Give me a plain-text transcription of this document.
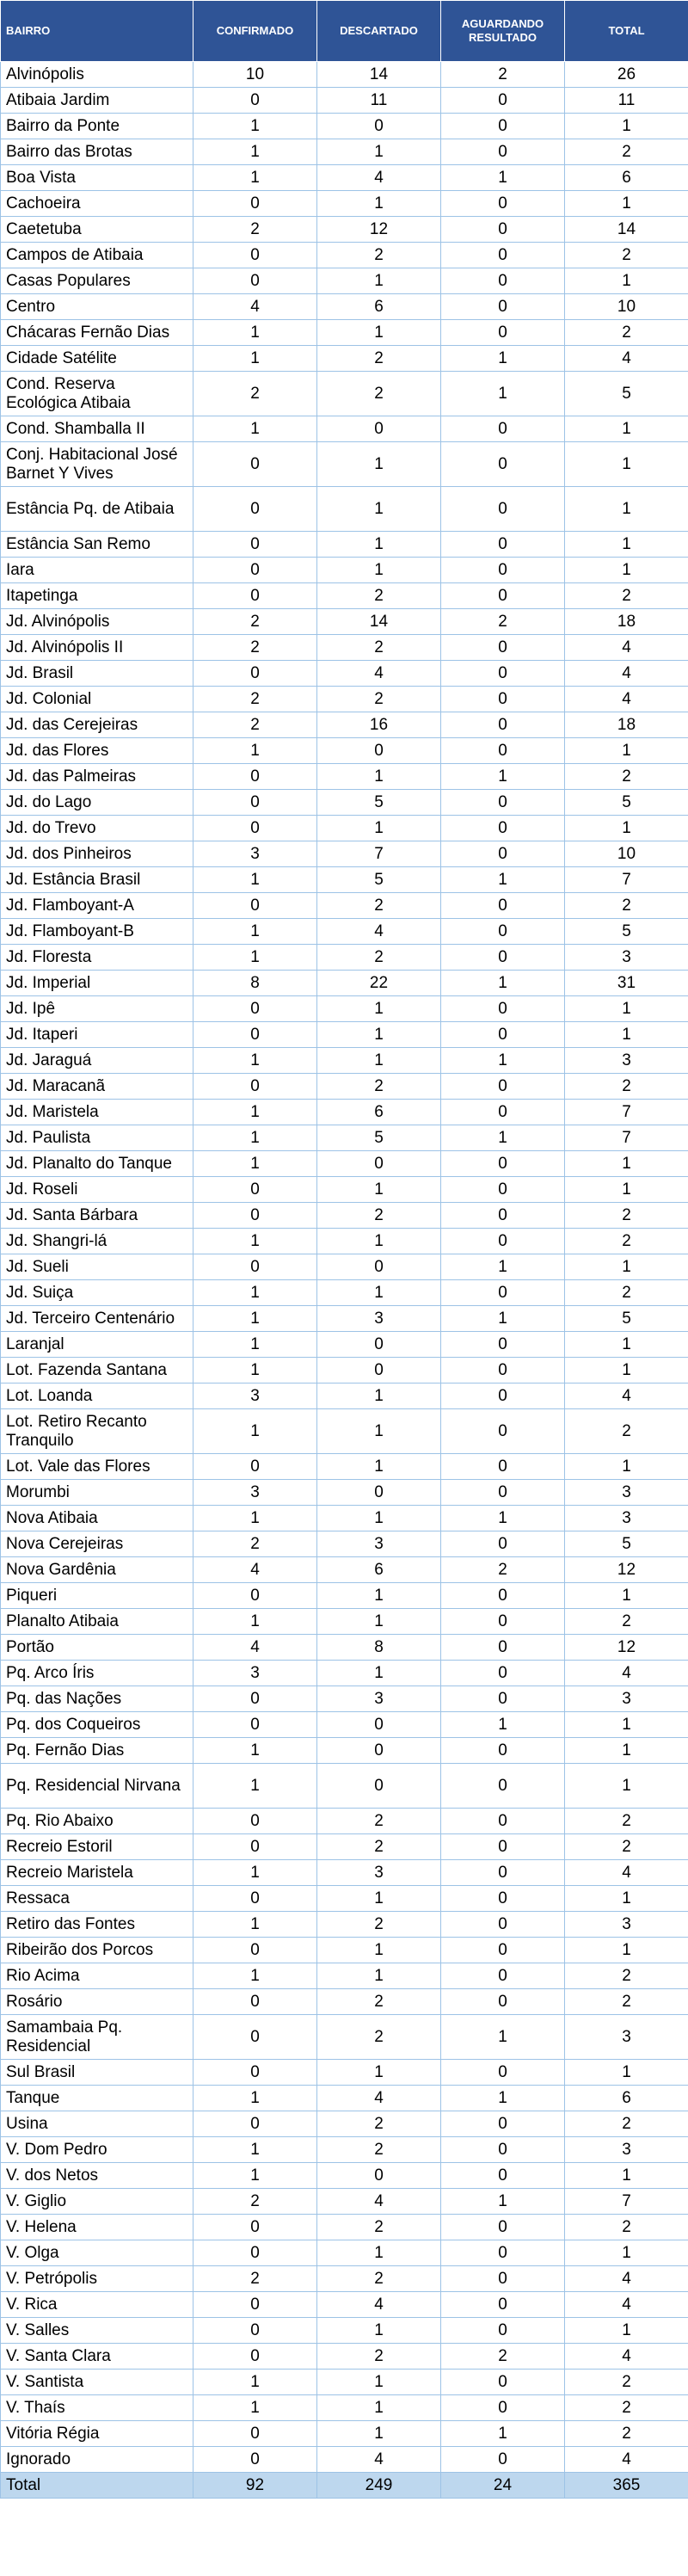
BAIRRO	CONFIRMADO	DESCARTADO	AGUARDANDO RESULTADO	TOTAL
Alvinópolis	10	14	2	26
Atibaia Jardim	0	11	0	11
Bairro da Ponte	1	0	0	1
Bairro das Brotas	1	1	0	2
Boa Vista	1	4	1	6
Cachoeira	0	1	0	1
Caetetuba	2	12	0	14
Campos de Atibaia	0	2	0	2
Casas Populares	0	1	0	1
Centro	4	6	0	10
Chácaras Fernão Dias	1	1	0	2
Cidade Satélite	1	2	1	4
Cond. Reserva Ecológica Atibaia	2	2	1	5
Cond. Shamballa II	1	0	0	1
Conj. Habitacional José Barnet Y Vives	0	1	0	1
Estância Pq. de Atibaia	0	1	0	1
Estância San Remo	0	1	0	1
Iara	0	1	0	1
Itapetinga	0	2	0	2
Jd. Alvinópolis	2	14	2	18
Jd. Alvinópolis II	2	2	0	4
Jd. Brasil	0	4	0	4
Jd. Colonial	2	2	0	4
Jd. das Cerejeiras	2	16	0	18
Jd. das Flores	1	0	0	1
Jd. das Palmeiras	0	1	1	2
Jd. do Lago	0	5	0	5
Jd. do Trevo	0	1	0	1
Jd. dos Pinheiros	3	7	0	10
Jd. Estância Brasil	1	5	1	7
Jd. Flamboyant-A	0	2	0	2
Jd. Flamboyant-B	1	4	0	5
Jd. Floresta	1	2	0	3
Jd. Imperial	8	22	1	31
Jd. Ipê	0	1	0	1
Jd. Itaperi	0	1	0	1
Jd. Jaraguá	1	1	1	3
Jd. Maracanã	0	2	0	2
Jd. Maristela	1	6	0	7
Jd. Paulista	1	5	1	7
Jd. Planalto do Tanque	1	0	0	1
Jd. Roseli	0	1	0	1
Jd. Santa Bárbara	0	2	0	2
Jd. Shangri-lá	1	1	0	2
Jd. Sueli	0	0	1	1
Jd. Suiça	1	1	0	2
Jd. Terceiro Centenário	1	3	1	5
Laranjal	1	0	0	1
Lot. Fazenda Santana	1	0	0	1
Lot. Loanda	3	1	0	4
Lot. Retiro Recanto Tranquilo	1	1	0	2
Lot. Vale das Flores	0	1	0	1
Morumbi	3	0	0	3
Nova Atibaia	1	1	1	3
Nova Cerejeiras	2	3	0	5
Nova Gardênia	4	6	2	12
Piqueri	0	1	0	1
Planalto Atibaia	1	1	0	2
Portão	4	8	0	12
Pq. Arco Íris	3	1	0	4
Pq. das Nações	0	3	0	3
Pq. dos Coqueiros	0	0	1	1
Pq. Fernão Dias	1	0	0	1
Pq. Residencial Nirvana	1	0	0	1
Pq. Rio Abaixo	0	2	0	2
Recreio Estoril	0	2	0	2
Recreio Maristela	1	3	0	4
Ressaca	0	1	0	1
Retiro das Fontes	1	2	0	3
Ribeirão dos Porcos	0	1	0	1
Rio Acima	1	1	0	2
Rosário	0	2	0	2
Samambaia Pq. Residencial	0	2	1	3
Sul Brasil	0	1	0	1
Tanque	1	4	1	6
Usina	0	2	0	2
V. Dom Pedro	1	2	0	3
V. dos Netos	1	0	0	1
V. Giglio	2	4	1	7
V. Helena	0	2	0	2
V. Olga	0	1	0	1
V. Petrópolis	2	2	0	4
V. Rica	0	4	0	4
V. Salles	0	1	0	1
V. Santa Clara	0	2	2	4
V. Santista	1	1	0	2
V. Thaís	1	1	0	2
Vitória Régia	0	1	1	2
Ignorado	0	4	0	4
Total	92	249	24	365
